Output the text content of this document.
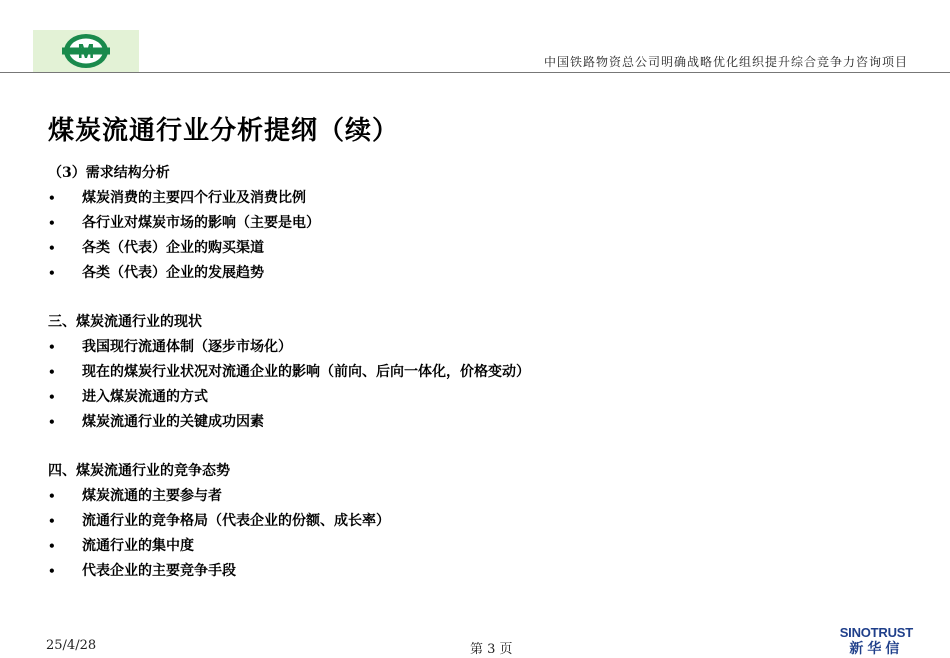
M	中国铁路物资总公司明确战略优化组织提升综合竞争力咨询项目
煤炭流通行业分析提纲（续）
（3）需求结构分析
• 煤炭消费的主要四个行业及消费比例
• 各行业对煤炭市场的影响（主要是电）
• 各类（代表）企业的购买渠道
• 各类（代表）企业的发展趋势
三、煤炭流通行业的现状
• 我国现行流通体制（逐步市场化）
• 现在的煤炭行业状况对流通企业的影响（前向、后向一体化，价格变动）
• 进入煤炭流通的方式
• 煤炭流通行业的关键成功因素
四、煤炭流通行业的竞争态势
• 煤炭流通的主要参与者
• 流通行业的竞争格局（代表企业的份额、成长率）
• 流通行业的集中度
• 代表企业的主要竞争手段
25/4/28	第 3 页
SINOTRUST
新华信
